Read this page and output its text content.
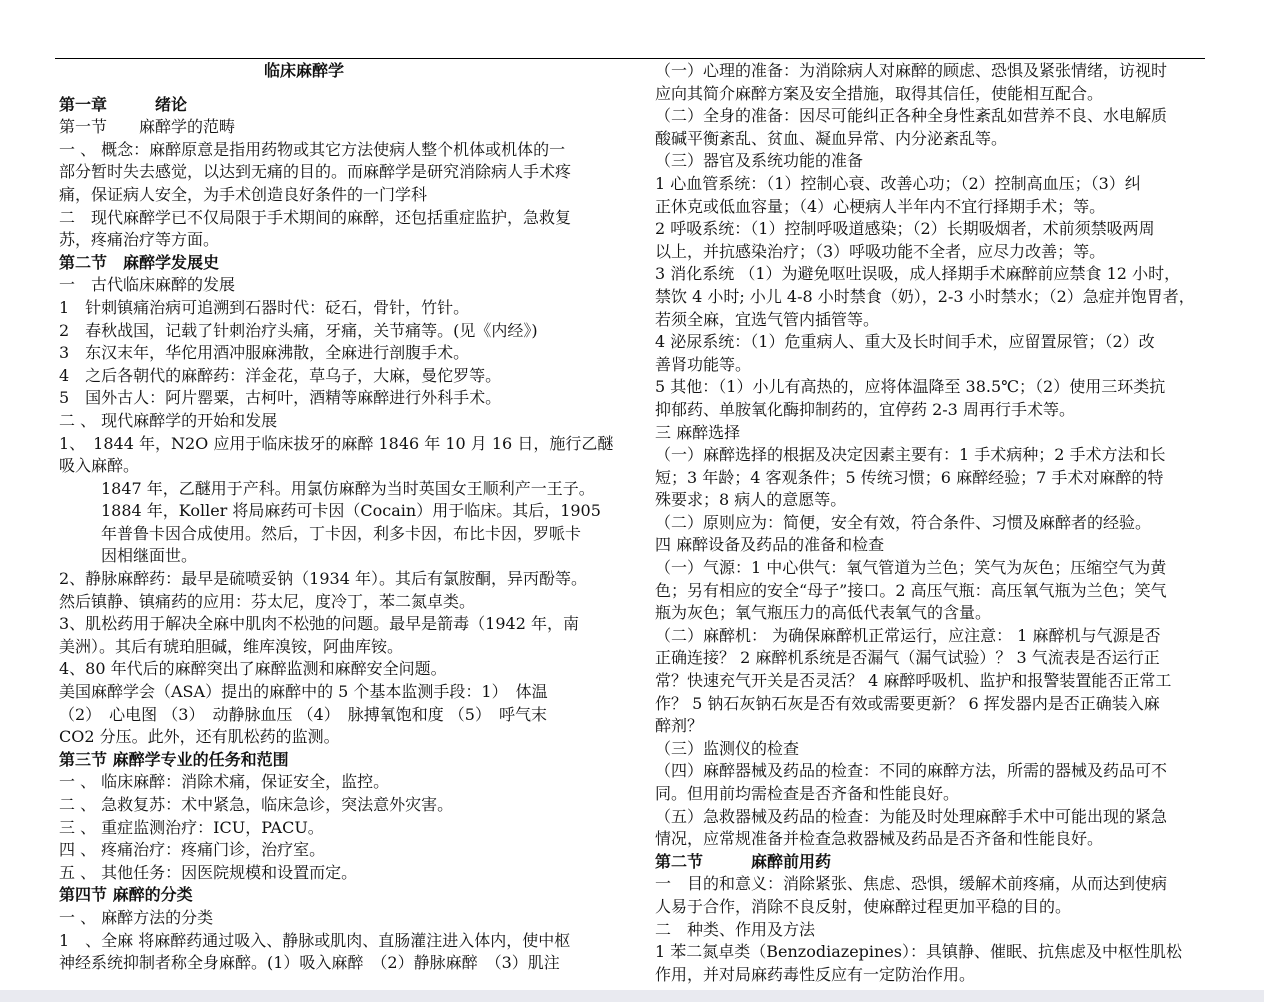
临床麻醉学
第一章　　　绪论
第一节　　麻醉学的范畴
一 、 概念：麻醉原意是指用药物或其它方法使病人整个机体或机体的一
部分暂时失去感觉，以达到无痛的目的。而麻醉学是研究消除病人手术疼
痛，保证病人安全，为手术创造良好条件的一门学科
二　现代麻醉学已不仅局限于手术期间的麻醉，还包括重症监护，急救复
苏，疼痛治疗等方面。
第二节　麻醉学发展史
一　古代临床麻醉的发展
1　针刺镇痛治病可追溯到石器时代：砭石，骨针，竹针。
2　春秋战国，记载了针刺治疗头痛，牙痛，关节痛等。(见《内经》)
3　东汉末年，华佗用酒冲服麻沸散，全麻进行剖腹手术。
4　之后各朝代的麻醉药：洋金花，草乌子，大麻，曼佗罗等。
5　国外古人：阿片罂粟，古柯叶，酒精等麻醉进行外科手术。
二 、 现代麻醉学的开始和发展
1、　1844 年，N2O 应用于临床拔牙的麻醉 1846 年 10 月 16 日，施行乙醚
吸入麻醉。
1847 年，乙醚用于产科。用氯仿麻醉为当时英国女王顺利产一王子。
1884 年，Koller 将局麻药可卡因（Cocain）用于临床。其后，1905
年普鲁卡因合成使用。然后，丁卡因，利多卡因，布比卡因，罗哌卡
因相继面世。
2、静脉麻醉药：最早是硫喷妥钠（1934 年）。其后有氯胺酮，异丙酚等。
然后镇静、镇痛药的应用：芬太尼，度冷丁，苯二氮卓类。
3、肌松药用于解决全麻中肌肉不松弛的问题。最早是箭毒（1942 年，南
美洲）。其后有琥珀胆碱，维库溴铵，阿曲库铵。
4、80 年代后的麻醉突出了麻醉监测和麻醉安全问题。
美国麻醉学会（ASA）提出的麻醉中的 5 个基本监测手段：1）　体温
（2）　心电图 （3）　动静脉血压 （4）　脉搏氧饱和度 （5）　呼气末
CO2 分压。此外，还有肌松药的监测。
第三节 麻醉学专业的任务和范围
一 、 临床麻醉：消除术痛，保证安全，监控。
二 、 急救复苏：术中紧急，临床急诊，突法意外灾害。
三 、 重症监测治疗：ICU，PACU。
四 、 疼痛治疗：疼痛门诊，治疗室。
五 、 其他任务：因医院规模和设置而定。
第四节 麻醉的分类
一 、 麻醉方法的分类
1　、全麻 将麻醉药通过吸入、静脉或肌肉、直肠灌注进入体内，使中枢
神经系统抑制者称全身麻醉。(1）吸入麻醉　（2）静脉麻醉　（3）肌注
（一）心理的准备：为消除病人对麻醉的顾虑、恐惧及紧张情绪，访视时
应向其简介麻醉方案及安全措施，取得其信任，使能相互配合。
（二）全身的准备：因尽可能纠正各种全身性紊乱如营养不良、水电解质
酸碱平衡紊乱、贫血、凝血异常、内分泌紊乱等。
（三）器官及系统功能的准备
1 心血管系统：（1）控制心衰、改善心功；（2）控制高血压；（3）纠
正休克或低血容量；（4）心梗病人半年内不宜行择期手术；等。
2 呼吸系统：（1）控制呼吸道感染；（2）长期吸烟者，术前须禁吸两周
以上，并抗感染治疗；（3）呼吸功能不全者，应尽力改善；等。
3 消化系统 （1）为避免呕吐误吸，成人择期手术麻醉前应禁食 12 小时，
禁饮 4 小时; 小儿 4-8 小时禁食（奶），2-3 小时禁水；（2）急症并饱胃者，
若须全麻，宜选气管内插管等。
4 泌尿系统：（1）危重病人、重大及长时间手术，应留置尿管；（2）改
善肾功能等。
5 其他：（1）小儿有高热的，应将体温降至 38.5℃；（2）使用三环类抗
抑郁药、单胺氧化酶抑制药的，宜停药 2-3 周再行手术等。
三 麻醉选择
（一）麻醉选择的根据及决定因素主要有：1 手术病种；2 手术方法和长
短；3 年龄；4 客观条件；5 传统习惯；6 麻醉经验；7 手术对麻醉的特
殊要求；8 病人的意愿等。
（二）原则应为：简便，安全有效，符合条件、习惯及麻醉者的经验。
四 麻醉设备及药品的准备和检查
（一）气源：1 中心供气：氧气管道为兰色；笑气为灰色；压缩空气为黄
色；另有相应的安全“母子”接口。2 高压气瓶：高压氧气瓶为兰色；笑气
瓶为灰色；氧气瓶压力的高低代表氧气的含量。
（二）麻醉机： 为确保麻醉机正常运行，应注意： 1 麻醉机与气源是否
正确连接？ 2 麻醉机系统是否漏气（漏气试验）？ 3 气流表是否运行正
常？快速充气开关是否灵活？ 4 麻醉呼吸机、监护和报警装置能否正常工
作？ 5 钠石灰钠石灰是否有效或需要更新？ 6 挥发器内是否正确装入麻
醉剂？
（三）监测仪的检查
（四）麻醉器械及药品的检查：不同的麻醉方法，所需的器械及药品可不
同。但用前均需检查是否齐备和性能良好。
（五）急救器械及药品的检查：为能及时处理麻醉手术中可能出现的紧急
情况，应常规准备并检查急救器械及药品是否齐备和性能良好。
第二节　　　麻醉前用药
一　目的和意义：消除紧张、焦虑、恐惧，缓解术前疼痛，从而达到使病
人易于合作，消除不良反射，使麻醉过程更加平稳的目的。
二　种类、作用及方法
1 苯二氮卓类（Benzodiazepines）：具镇静、催眠、抗焦虑及中枢性肌松
作用，并对局麻药毒性反应有一定防治作用。
